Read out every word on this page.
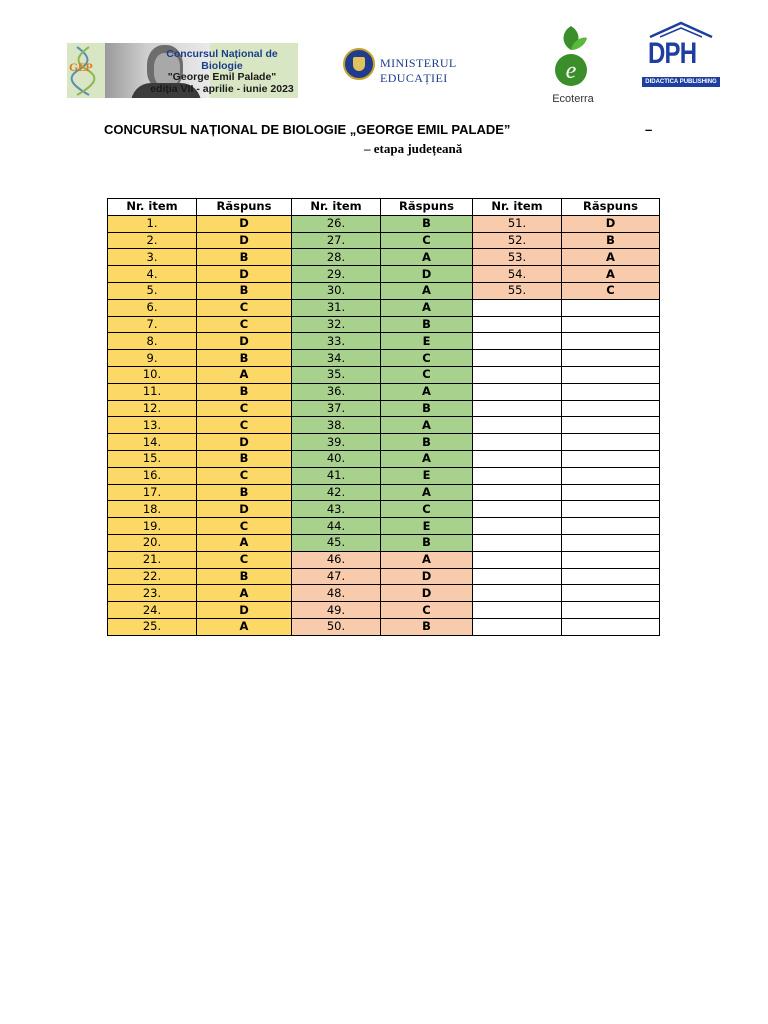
GEP
Concursul Național de Biologie
"George Emil Palade"
ediția VII - aprilie - iunie 2023
MINISTERUL EDUCAȚIEI	e
Ecoterra
DPH
DIDACTICA PUBLISHING HOUSE
CONCURSUL NAȚIONAL DE BIOLOGIE „GEORGE EMIL PALADE”	–
– etapa județeană
Nr. item	Răspuns	Nr. item	Răspuns	Nr. item	Răspuns
1.	D	26.	B	51.	D
2.	D	27.	C	52.	B
3.	B	28.	A	53.	A
4.	D	29.	D	54.	A
5.	B	30.	A	55.	C
6.	C	31.	A		
7.	C	32.	B		
8.	D	33.	E		
9.	B	34.	C		
10.	A	35.	C		
11.	B	36.	A		
12.	C	37.	B		
13.	C	38.	A		
14.	D	39.	B		
15.	B	40.	A		
16.	C	41.	E		
17.	B	42.	A		
18.	D	43.	C		
19.	C	44.	E		
20.	A	45.	B		
21.	C	46.	A		
22.	B	47.	D		
23.	A	48.	D		
24.	D	49.	C		
25.	A	50.	B		
